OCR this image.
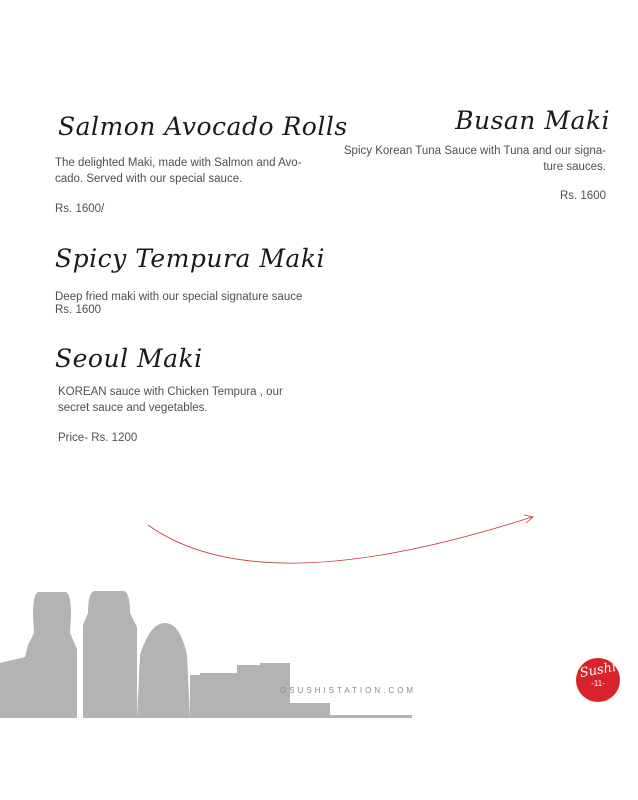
Salmon Avocado Rolls
The delighted Maki, made with Salmon and Avo-cado. Served with our special sauce.
Rs. 1600/
Spicy Tempura Maki
Deep fried maki with our special signature sauce
Rs. 1600
Seoul Maki
KOREAN sauce with Chicken Tempura , our secret sauce and vegetables.
Price- Rs. 1200
Busan Maki
Spicy Korean Tuna Sauce with Tuna and our signa-ture sauces.
Rs. 1600
OSUSHISTATION.COM
Sushi
-11-
